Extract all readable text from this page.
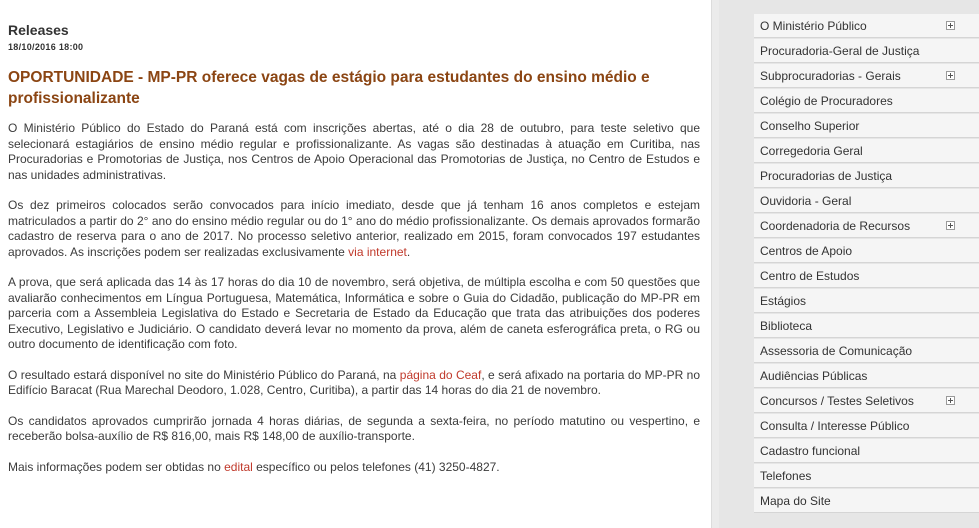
Releases
18/10/2016 18:00
OPORTUNIDADE - MP-PR oferece vagas de estágio para estudantes do ensino médio e profissionalizante

O Ministério Público do Estado do Paraná está com inscrições abertas, até o dia 28 de outubro, para teste seletivo que selecionará estagiários de ensino médio regular e profissionalizante. As vagas são destinadas à atuação em Curitiba, nas Procuradorias e Promotorias de Justiça, nos Centros de Apoio Operacional das Promotorias de Justiça, no Centro de Estudos e nas unidades administrativas.

Os dez primeiros colocados serão convocados para início imediato, desde que já tenham 16 anos completos e estejam matriculados a partir do 2° ano do ensino médio regular ou do 1° ano do médio profissionalizante. Os demais aprovados formarão cadastro de reserva para o ano de 2017. No processo seletivo anterior, realizado em 2015, foram convocados 197 estudantes aprovados. As inscrições podem ser realizadas exclusivamente via internet.

A prova, que será aplicada das 14 às 17 horas do dia 10 de novembro, será objetiva, de múltipla escolha e com 50 questões que avaliarão conhecimentos em Língua Portuguesa, Matemática, Informática e sobre o Guia do Cidadão, publicação do MP-PR em parceria com a Assembleia Legislativa do Estado e Secretaria de Estado da Educação que trata das atribuições dos poderes Executivo, Legislativo e Judiciário. O candidato deverá levar no momento da prova, além de caneta esferográfica preta, o RG ou outro documento de identificação com foto.

O resultado estará disponível no site do Ministério Público do Paraná, na página do Ceaf, e será afixado na portaria do MP-PR no Edifício Baracat (Rua Marechal Deodoro, 1.028, Centro, Curitiba), a partir das 14 horas do dia 21 de novembro.

Os candidatos aprovados cumprirão jornada 4 horas diárias, de segunda a sexta-feira, no período matutino ou vespertino, e receberão bolsa-auxílio de R$ 816,00, mais R$ 148,00 de auxílio-transporte.

Mais informações podem ser obtidas no edital específico ou pelos telefones (41) 3250-4827.

O Ministério Público
Procuradoria-Geral de Justiça
Subprocuradorias - Gerais
Colégio de Procuradores
Conselho Superior
Corregedoria Geral
Procuradorias de Justiça
Ouvidoria - Geral
Coordenadoria de Recursos
Centros de Apoio
Centro de Estudos
Estágios
Biblioteca
Assessoria de Comunicação
Audiências Públicas
Concursos / Testes Seletivos
Consulta / Interesse Público
Cadastro funcional
Telefones
Mapa do Site
